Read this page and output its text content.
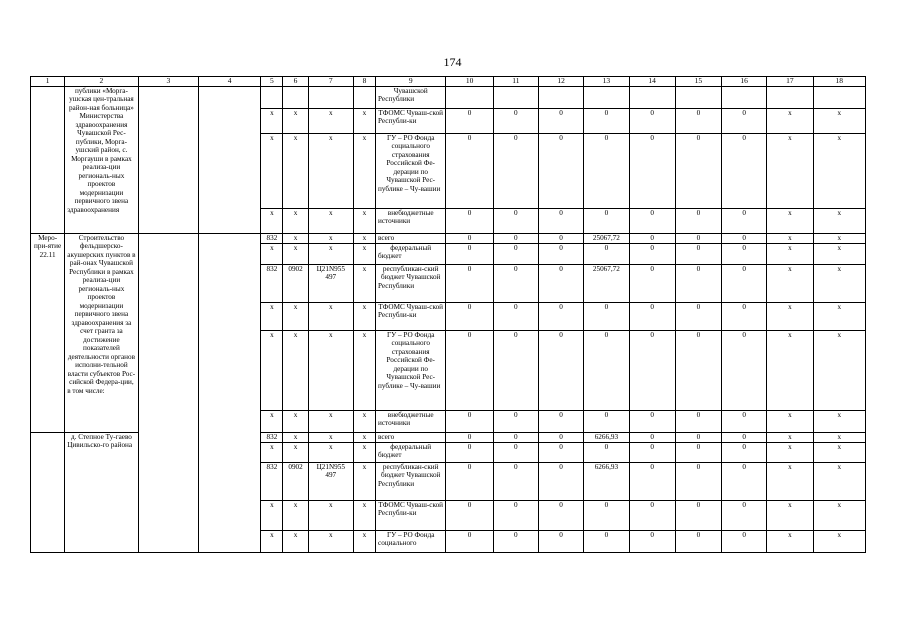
174
1	2	3	4	5	6	7	8	9	10	11	12	13	14	15	16	17	18
	публики «Морга-ушская цен-тральная район-ная больница» Министерства здравоохранения Чувашской Рес-публики, Морга-ушский район, с. Моргауши в рамках реализа-ции региональ-ных проектов модернизации первичного звена здравоохранения							Чувашской Республики									
				x	x	x	x	ТФОМС Чуваш-ской Республи-ки	0	0	0	0	0	0	0	x	x
				x	x	x	x	ГУ – РО Фонда социального страхования Российской Фе-дерации по Чувашской Рес-публике – Чу-вашии	0	0	0	0	0	0	0	x	x
				x	x	x	x	внебюджетные источники	0	0	0	0	0	0	0	x	x
Меро-при-ятие 22.11	Строительство фельдшерско-акушерских пунктов в рай-онах Чувашской Республики в рамках реализа-ции региональ-ных проектов модернизации первичного звена здравоохранения за счет гранта за достижение показателей деятельности органов исполни-тельной власти субъектов Рос-сийской Федера-ции, в том числе:			832	x	x	x	всего	0	0	0	25067,72	0	0	0	x	x
				x	x	x	x	федеральный бюджет	0	0	0	0	0	0	0	x	x
				832	0902	Ц21N955 497	x	республикан-ский бюджет Чувашской Республики	0	0	0	25067,72	0	0	0	x	x
				x	x	x	x	ТФОМС Чуваш-ской Республи-ки	0	0	0	0	0	0	0	x	x
				x	x	x	x	ГУ – РО Фонда социального страхования Российской Фе-дерации по Чувашской Рес-публике – Чу-вашии	0	0	0	0	0	0	0	x	x
				x	x	x	x	внебюджетные источники	0	0	0	0	0	0	0	x	x
	д. Степное Ту-гаево Цивильско-го района			832	x	x	x	всего	0	0	0	6266,93	0	0	0	x	x
				x	x	x	x	федеральный бюджет	0	0	0	0	0	0	0	x	x
				832	0902	Ц21N955 497	x	республикан-ский бюджет Чувашской Республики	0	0	0	6266,93	0	0	0	x	x
				x	x	x	x	ТФОМС Чуваш-ской Республи-ки	0	0	0	0	0	0	0	x	x
				x	x	x	x	ГУ – РО Фонда социального	0	0	0	0	0	0	0	x	x
